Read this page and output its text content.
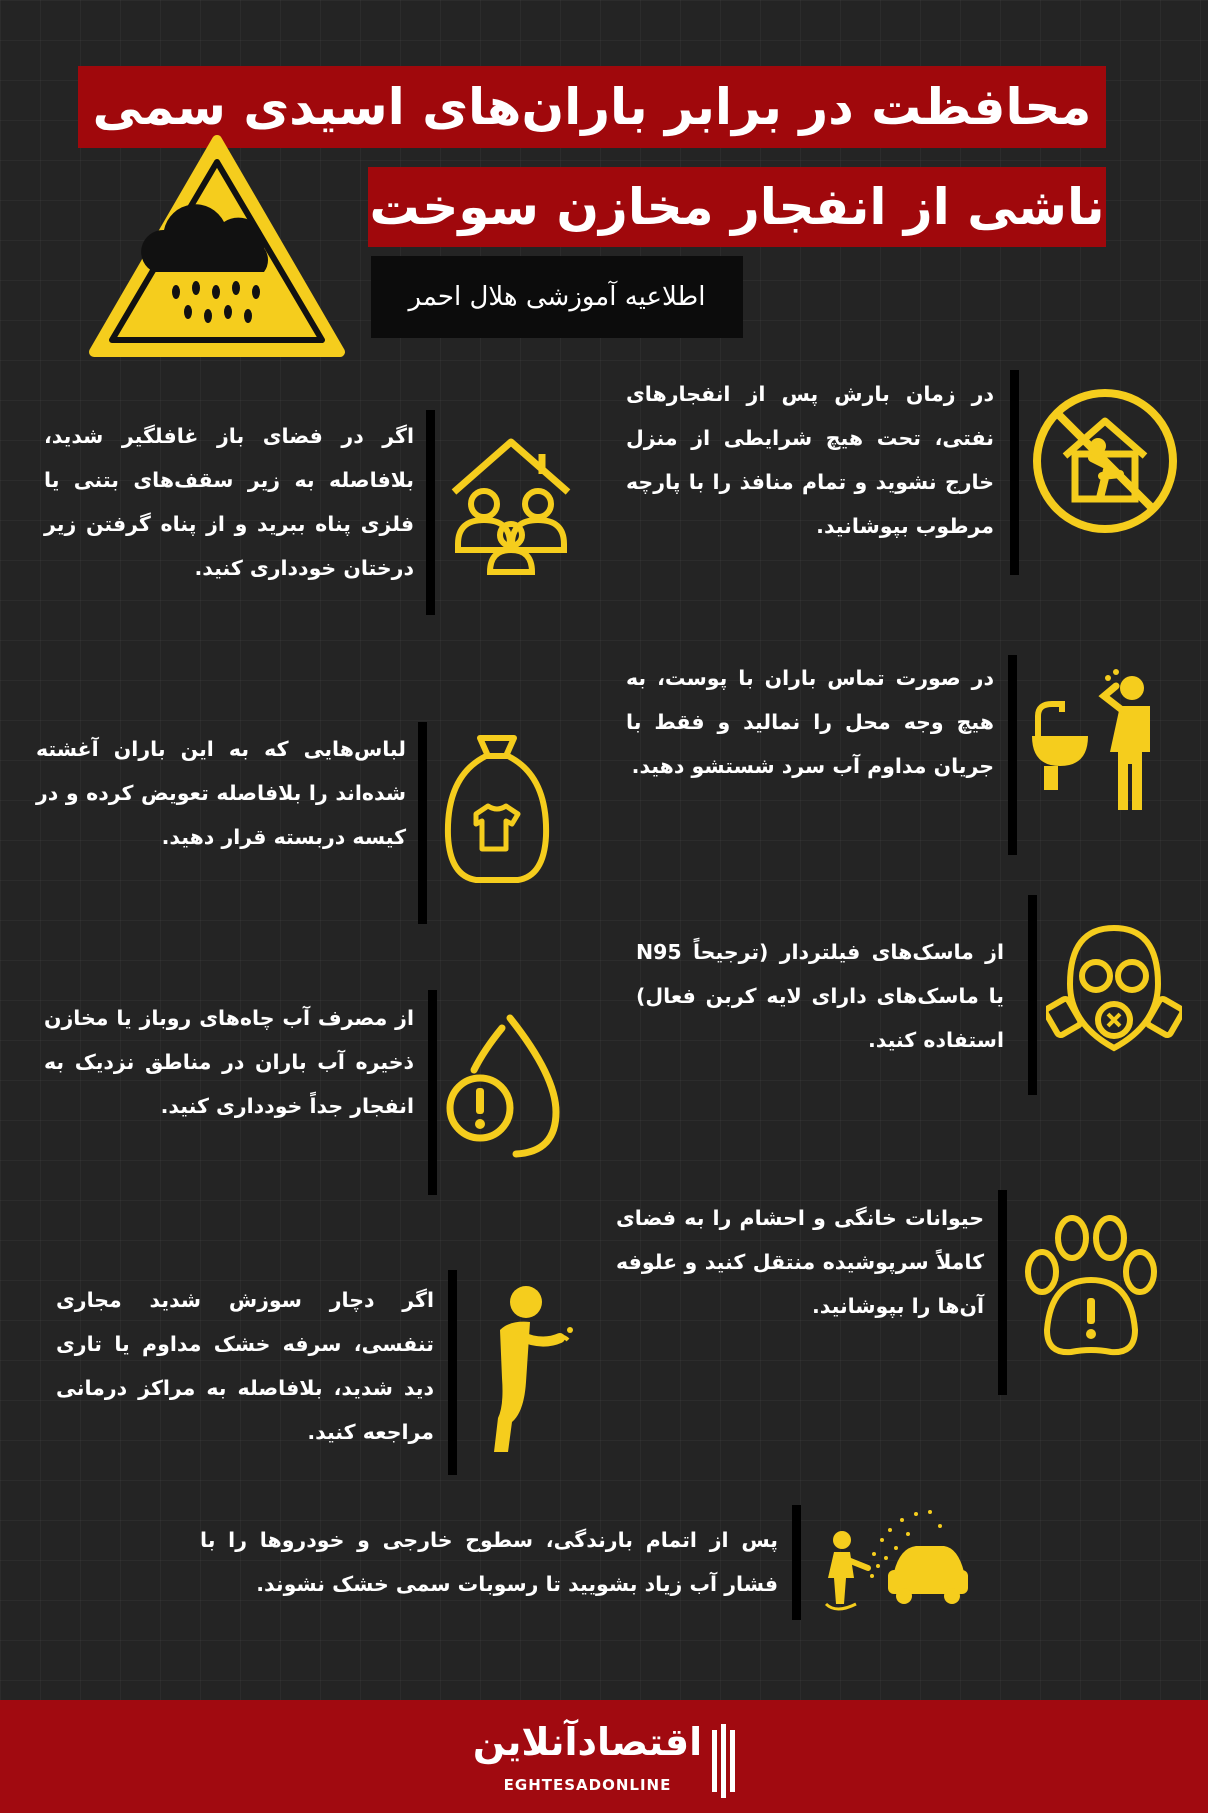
محافظت در برابر باران‌های اسیدی سمی
ناشی از انفجار مخازن سوخت
اطلاعیه آموزشی هلال احمر
در زمان بارش پس از انفجارهای نفتی، تحت هیچ شرایطی از منزل خارج نشوید و تمام منافذ را با پارچه مرطوب بپوشانید.
اگر در فضای باز غافلگیر شدید، بلافاصله به زیر سقف‌های بتنی یا فلزی پناه ببرید و از پناه گرفتن زیر درختان خودداری کنید.
در صورت تماس باران با پوست، به هیچ وجه محل را نمالید و فقط با جریان مداوم آب سرد شستشو دهید.
لباس‌هایی که به این باران آغشته شده‌اند را بلافاصله تعویض کرده و در کیسه دربسته قرار دهید.
از ماسک‌های فیلتردار (ترجیحاً N95 یا ماسک‌های دارای لایه کربن فعال) استفاده کنید.
از مصرف آب چاه‌های روباز یا مخازن ذخیره آب باران در مناطق نزدیک به انفجار جداً خودداری کنید.
حیوانات خانگی و احشام را به فضای کاملاً سرپوشیده منتقل کنید و علوفه آن‌ها را بپوشانید.
اگر دچار سوزش شدید مجاری تنفسی، سرفه خشک مداوم یا تاری دید شدید، بلافاصله به مراکز درمانی مراجعه کنید.
پس از اتمام بارندگی، سطوح خارجی و خودروها را با فشار آب زیاد بشویید تا رسوبات سمی خشک نشوند.
اقتصادآنلاین
EGHTESADONLINE
